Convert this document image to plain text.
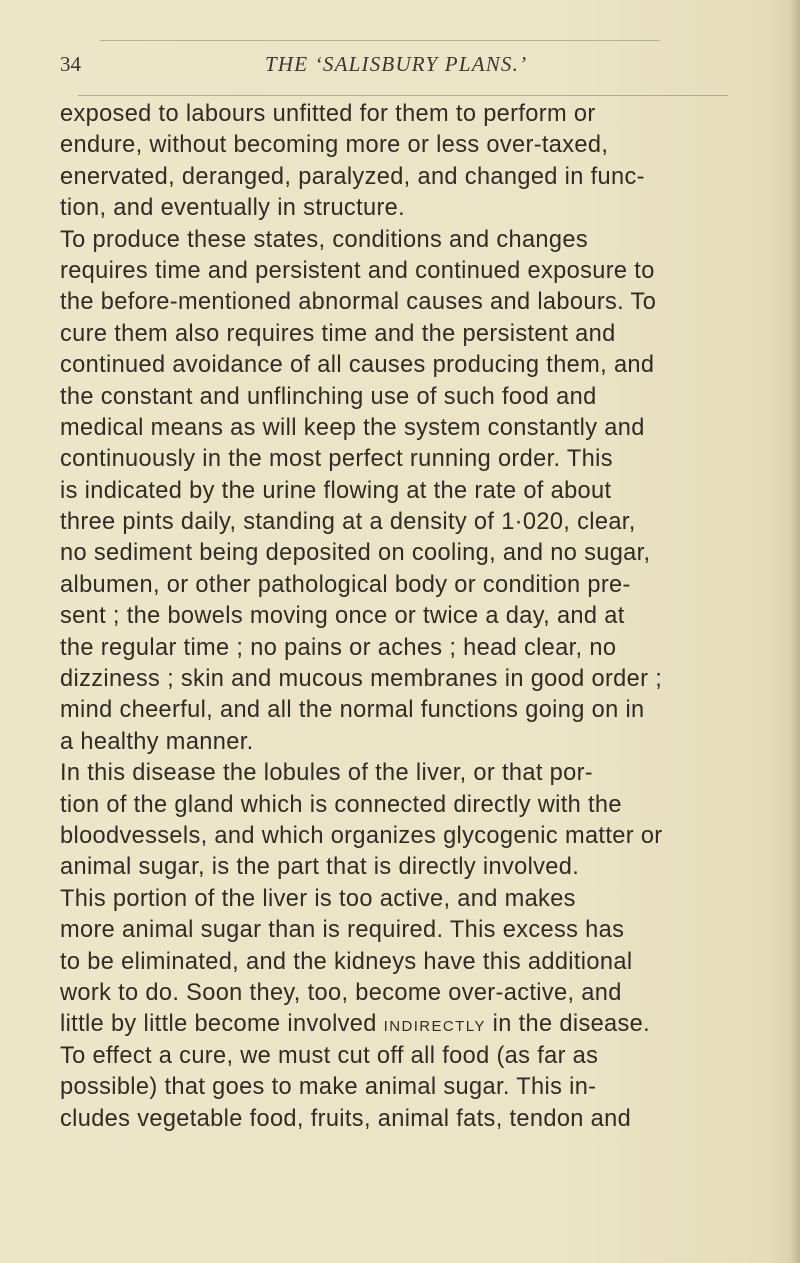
34	THE ‘SALISBURY PLANS.’
exposed to labours unfitted for them to perform or
endure, without becoming more or less over-taxed,
enervated, deranged, paralyzed, and changed in func-
tion, and eventually in structure.
To produce these states, conditions and changes
requires time and persistent and continued exposure to
the before-mentioned abnormal causes and labours. To
cure them also requires time and the persistent and
continued avoidance of all causes producing them, and
the constant and unflinching use of such food and
medical means as will keep the system constantly and
continuously in the most perfect running order. This
is indicated by the urine flowing at the rate of about
three pints daily, standing at a density of 1·020, clear,
no sediment being deposited on cooling, and no sugar,
albumen, or other pathological body or condition pre-
sent ; the bowels moving once or twice a day, and at
the regular time ; no pains or aches ; head clear, no
dizziness ; skin and mucous membranes in good order ;
mind cheerful, and all the normal functions going on in
a healthy manner.
In this disease the lobules of the liver, or that por-
tion of the gland which is connected directly with the
bloodvessels, and which organizes glycogenic matter or
animal sugar, is the part that is directly involved.
This portion of the liver is too active, and makes
more animal sugar than is required. This excess has
to be eliminated, and the kidneys have this additional
work to do. Soon they, too, become over-active, and
little by little become involved INDIRECTLY in the disease.
To effect a cure, we must cut off all food (as far as
possible) that goes to make animal sugar. This in-
cludes vegetable food, fruits, animal fats, tendon and
